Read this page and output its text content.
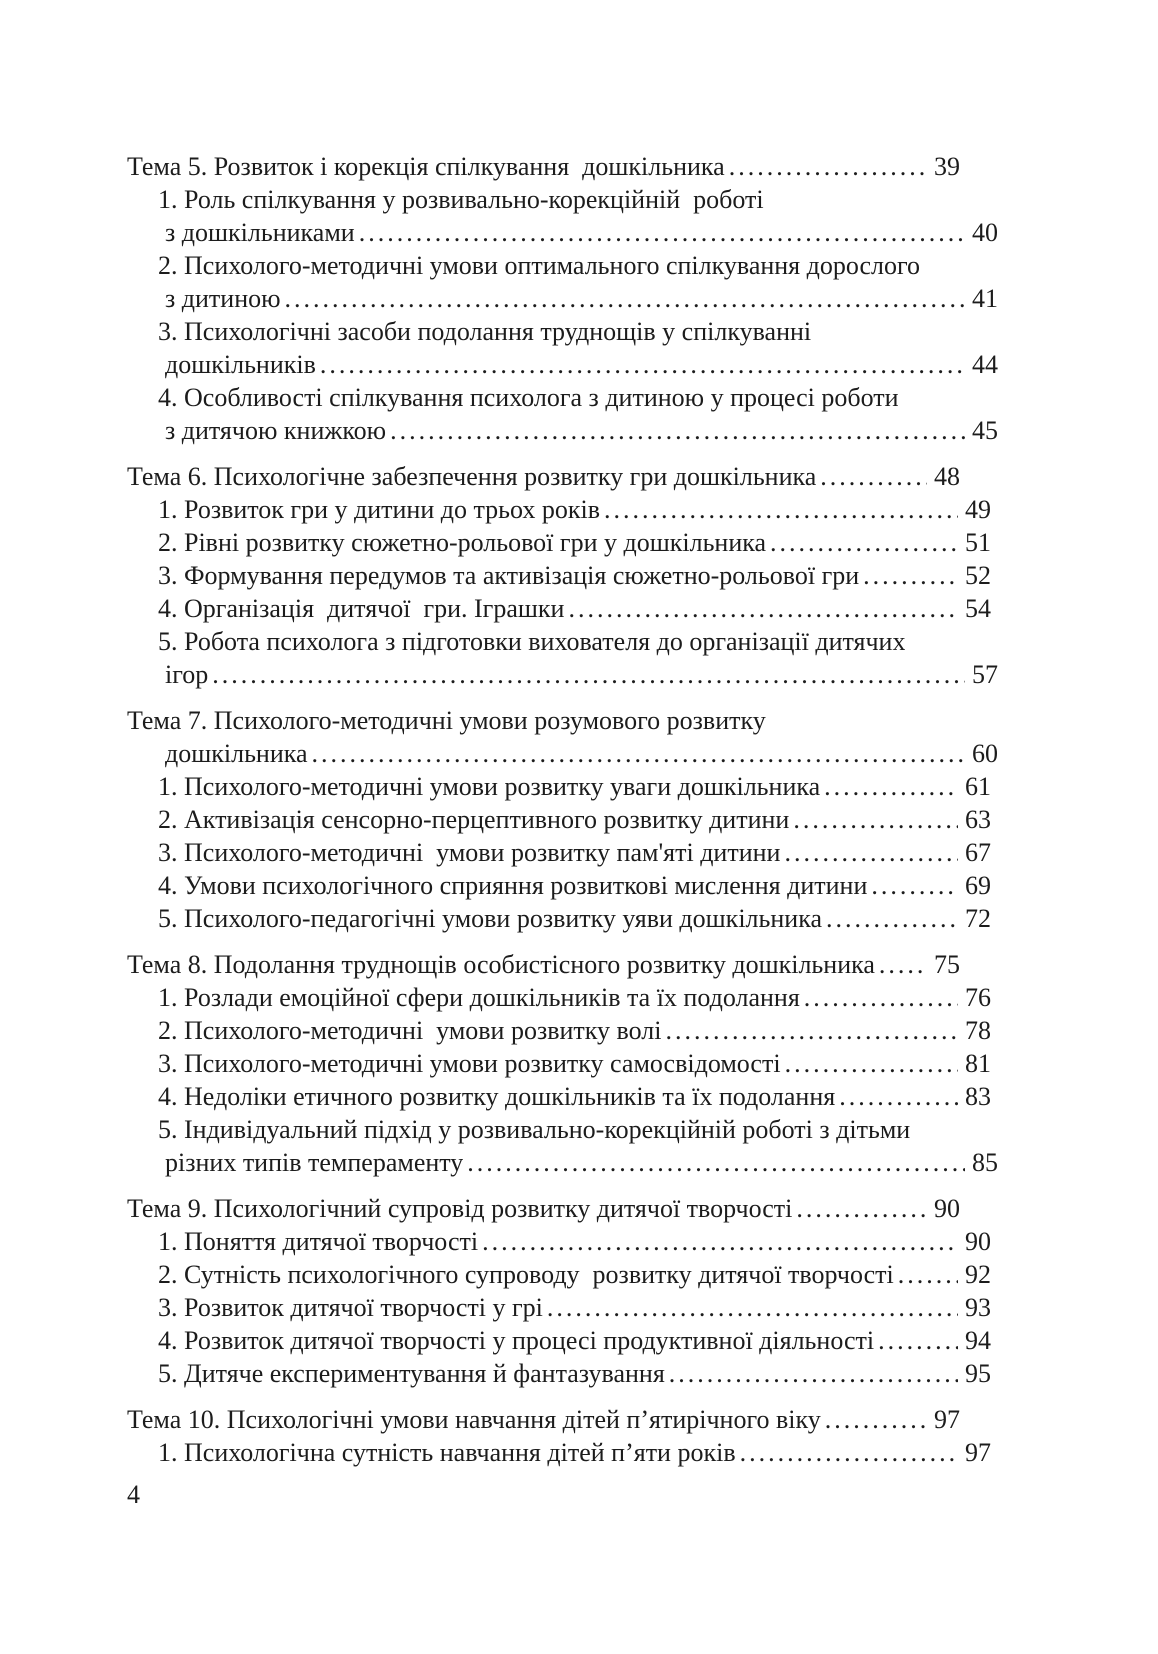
Тема 5. Розвиток і корекція спілкування  дошкільника .....	39
1. Роль спілкування у розвивально-корекційній  роботі
з дошкільниками .....	40
2. Психолого-методичні умови оптимального спілкування дорослого
з дитиною .....	41
3. Психологічні засоби подолання труднощів у спілкуванні
дошкільників .....	44
4. Особливості спілкування психолога з дитиною у процесі роботи
з дитячою книжкою .....	45
Тема 6. Психологічне забезпечення розвитку гри дошкільника .....	48
1. Розвиток гри у дитини до трьох років .....	49
2. Рівні розвитку сюжетно-рольової гри у дошкільника .....	51
3. Формування передумов та активізація сюжетно-рольової гри .....	52
4. Організація  дитячої  гри. Іграшки .....	54
5. Робота психолога з підготовки вихователя до організації дитячих
ігор .....	57
Тема 7. Психолого-методичні умови розумового розвитку
дошкільника .....	60
1. Психолого-методичні умови розвитку уваги дошкільника .....	61
2. Активізація сенсорно-перцептивного розвитку дитини .....	63
3. Психолого-методичні  умови розвитку пам'яті дитини .....	67
4. Умови психологічного сприяння розвиткові мислення дитини .....	69
5. Психолого-педагогічні умови розвитку уяви дошкільника .....	72
Тема 8. Подолання труднощів особистісного розвитку дошкільника ..... 75
1. Розлади емоційної сфери дошкільників та їх подолання .....	76
2. Психолого-методичні  умови розвитку волі .....	78
3. Психолого-методичні умови розвитку самосвідомості .....	81
4. Недоліки етичного розвитку дошкільників та їх подолання .....	83
5. Індивідуальний підхід у розвивально-корекційній роботі з дітьми
різних типів темпераменту .....	85
Тема 9. Психологічний супровід розвитку дитячої творчості .....	90
1. Поняття дитячої творчості .....	90
2. Сутність психологічного супроводу  розвитку дитячої творчості .....	92
3. Розвиток дитячої творчості у грі .....	93
4. Розвиток дитячої творчості у процесі продуктивної діяльності .....	94
5. Дитяче експериментування й фантазування .....	95
Тема 10. Психологічні умови навчання дітей п’ятирічного віку .....	97
1. Психологічна сутність навчання дітей п’яти років .....	97
4
